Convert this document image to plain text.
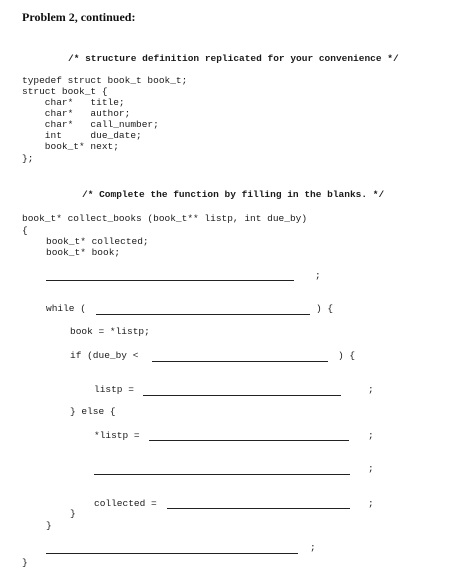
Problem 2, continued:
/* structure definition replicated for your convenience */
typedef struct book_t book_t;
struct book_t {
char*   title;
char*   author;
char*   call_number;
int     due_date;
book_t* next;
};
/* Complete the function by filling in the blanks. */
book_t* collect_books (book_t** listp, int due_by)
{
book_t* collected;
book_t* book;
;
while (	) {
book = *listp;
if (due_by <	) {
listp =	;
} else {
*listp =	;
;
collected =	;
}
}
;
}
